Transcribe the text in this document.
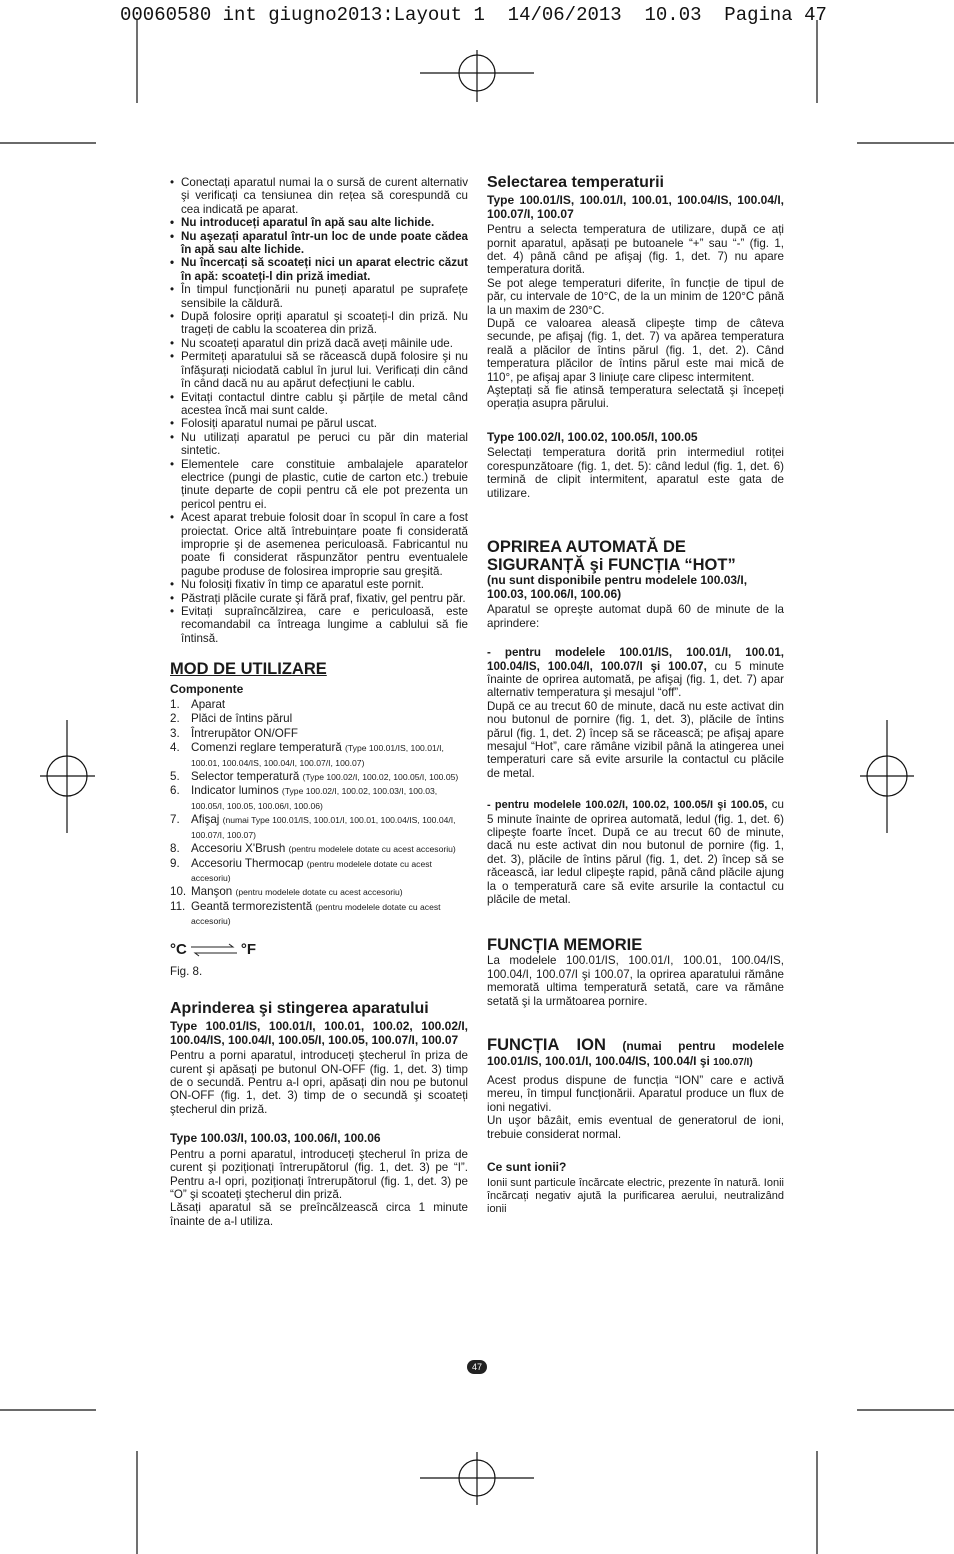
00060580 int giugno2013:Layout 1  14/06/2013  10.03  Pagina 47
• Conectați aparatul numai la o sursă de curent alternativ şi verificați ca tensiunea din rețea să corespundă cu cea indicată pe aparat.
• Nu introduceți aparatul în apă sau alte lichide.
• Nu aşezați aparatul într-un loc de unde poate cădea în apă sau alte lichide.
• Nu încercați să scoateți nici un aparat electric căzut în apă: scoateți-l din priză imediat.
• În timpul funcționării nu puneți aparatul pe suprafețe sensibile la căldură.
• După folosire opriți aparatul şi scoateți-l din priză. Nu trageți de cablu la scoaterea din priză.
• Nu scoateți aparatul din priză dacă aveți mâinile ude.
• Permiteți aparatului să se răcească după folosire şi nu înfăşurați niciodată cablul în jurul lui. Verificați din când în când dacă nu au apărut defecțiuni le cablu.
• Evitați contactul dintre cablu şi părțile de metal când acestea încă mai sunt calde.
• Folosiți aparatul numai pe părul uscat.
• Nu utilizați aparatul pe peruci cu păr din material sintetic.
• Elementele care constituie ambalajele aparatelor electrice (pungi de plastic, cutie de carton etc.) trebuie ținute departe de copii pentru că ele pot prezenta un pericol pentru ei.
• Acest aparat trebuie folosit doar în scopul în care a fost proiectat. Orice altă întrebuințare poate fi considerată improprie şi de asemenea periculoasă. Fabricantul nu poate fi considerat răspunzător pentru eventualele pagube produse de folosirea improprie sau greşită.
• Nu folosiți fixativ în timp ce aparatul este pornit.
• Păstrați plăcile curate şi fără praf, fixativ, gel pentru păr.
• Evitați supraîncălzirea, care e periculoasă, este recomandabil ca întreaga lungime a cablului să fie întinsă.
MOD DE UTILIZARE
Componente
1. Aparat
2. Plăci de întins părul
3. Întrerupător ON/OFF
4. Comenzi reglare temperatură (Type 100.01/IS, 100.01/I, 100.01, 100.04/IS, 100.04/I, 100.07/I, 100.07)
5. Selector temperatură (Type 100.02/I, 100.02, 100.05/I, 100.05)
6. Indicator luminos (Type 100.02/I, 100.02, 100.03/I, 100.03, 100.05/I, 100.05, 100.06/I, 100.06)
7. Afişaj (numai Type 100.01/IS, 100.01/I, 100.01, 100.04/IS, 100.04/I, 100.07/I, 100.07)
8. Accesoriu X'Brush (pentru modelele dotate cu acest accesoriu)
9. Accesoriu Thermocap (pentru modelele dotate cu acest accesoriu)
10. Manşon (pentru modelele dotate cu acest accesoriu)
11. Geantă termorezistentă (pentru modelele dotate cu acest accesoriu)
°C	°F
Fig. 8.
Aprinderea şi stingerea aparatului
Type 100.01/IS, 100.01/I, 100.01, 100.02, 100.02/I, 100.04/IS, 100.04/I, 100.05/I, 100.05, 100.07/I, 100.07

Pentru a porni aparatul, introduceți ştecherul în priza de curent şi apăsați pe butonul ON-OFF (fig. 1, det. 3) timp de o secundă. Pentru a-l opri, apăsați din nou pe butonul ON-OFF (fig. 1, det. 3) timp de o secundă şi scoateți ştecherul din priză.

Type 100.03/I, 100.03, 100.06/I, 100.06

Pentru a porni aparatul, introduceți ştecherul în priza de curent şi poziționați întrerupătorul (fig. 1, det. 3) pe “I”. Pentru a-l opri, poziționați întrerupătorul (fig. 1, det. 3) pe “O” şi scoateți ştecherul din priză.

Lăsați aparatul să se preîncălzească circa 1 minute înainte de a-l utiliza.

Selectarea temperaturii
Type 100.01/IS, 100.01/I, 100.01, 100.04/IS, 100.04/I, 100.07/I, 100.07

Pentru a selecta temperatura de utilizare, după ce ați pornit aparatul, apăsați pe butoanele “+” sau “-” (fig. 1, det. 4) până când pe afişaj (fig. 1, det. 7) nu apare temperatura dorită.

Se pot alege temperaturi diferite, în funcție de tipul de păr, cu intervale de 10°C, de la un minim de 120°C până la un maxim de 230°C.

După ce valoarea aleasă clipeşte timp de câteva secunde, pe afişaj (fig. 1, det. 7) va apărea temperatura reală a plăcilor de întins părul (fig. 1, det. 2). Când temperatura plăcilor de întins părul este mai mică de 110°, pe afişaj apar 3 liniuțe care clipesc intermitent.

Aşteptați să fie atinsă temperatura selectată şi începeți operația asupra părului.

Type 100.02/I, 100.02, 100.05/I, 100.05

Selectați temperatura dorită prin intermediul rotiței corespunzătoare (fig. 1, det. 5): când ledul (fig. 1, det. 6) termină de clipit intermitent, aparatul este gata de utilizare.

OPRIREA AUTOMATĂ DE SIGURANȚĂ şi FUNCȚIA “HOT”
(nu sunt disponibile pentru modelele 100.03/I, 100.03, 100.06/I, 100.06)

Aparatul se opreşte automat după 60 de minute de la aprindere:

- pentru modelele 100.01/IS, 100.01/I, 100.01, 100.04/IS, 100.04/I, 100.07/I şi 100.07, cu 5 minute înainte de oprirea automată, pe afişaj (fig. 1, det. 7) apar alternativ temperatura şi mesajul “off”.

Dupǎ ce au trecut 60 de minute, dacǎ nu este activat din nou butonul de pornire (fig. 1, det. 3), plǎcile de întins pǎrul (fig. 1, det. 2) încep sǎ se rǎceascǎ; pe afişaj apare mesajul “Hot”, care rǎmâne vizibil pânǎ la atingerea unei temperaturi care sǎ evite arsurile la contactul cu plǎcile de metal.

- pentru modelele 100.02/I, 100.02, 100.05/I şi 100.05, cu 5 minute înainte de oprirea automată, ledul (fig. 1, det. 6) clipeşte foarte încet. Dupǎ ce au trecut 60 de minute, dacǎ nu este activat din nou butonul de pornire (fig. 1, det. 3), plǎcile de întins pǎrul (fig. 1, det. 2) încep sǎ se rǎceascǎ, iar ledul clipeşte rapid, până când plăcile ajung la o temperatură care să evite arsurile la contactul cu plǎcile de metal.

FUNCȚIA MEMORIE

La modelele 100.01/IS, 100.01/I, 100.01, 100.04/IS, 100.04/I, 100.07/I şi 100.07, la oprirea aparatului rămâne memorată ultima temperatură setată, care va rămâne setată şi la următoarea pornire.

FUNCȚIA ION (numai pentru modelele 100.01/IS, 100.01/I, 100.04/IS, 100.04/I şi 100.07/I)

Acest produs dispune de funcția “ION” care e activă mereu, în timpul funcționării. Aparatul produce un flux de ioni negativi.

Un uşor bâzâit, emis eventual de generatorul de ioni, trebuie considerat normal.

Ce sunt ionii?

Ionii sunt particule încărcate electric, prezente în natură. Ionii încărcați negativ ajută la purificarea aerului, neutralizând ionii

47
